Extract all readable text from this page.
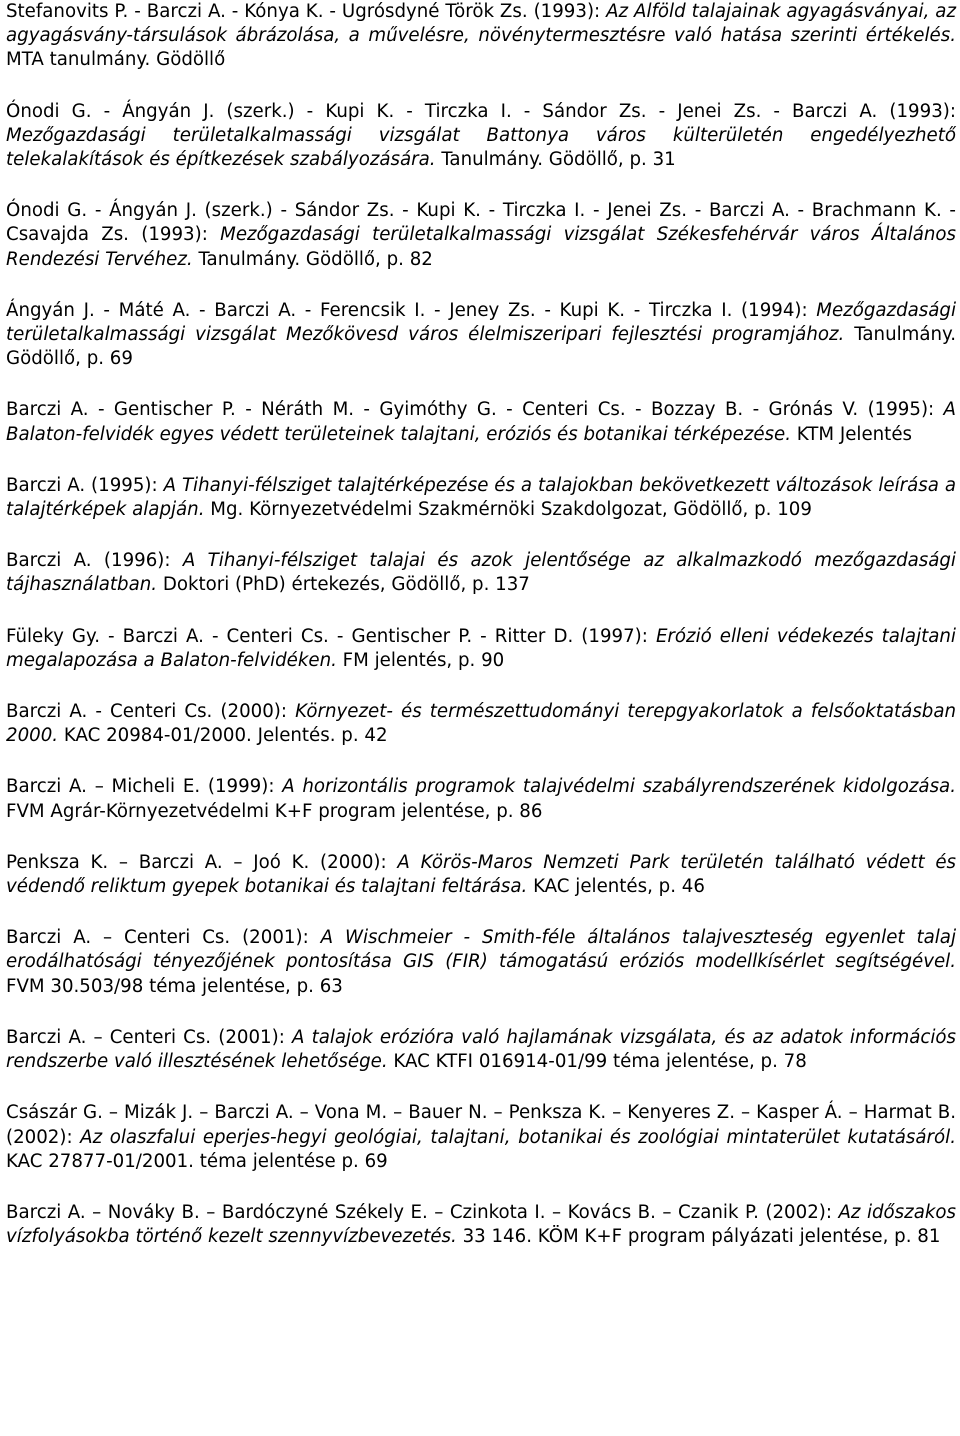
Stefanovits P. - Barczi A. - Kónya K. - Ugrósdyné Török Zs. (1993): Az Alföld talajainak agyagásványai, az agyagásvány-társulások ábrázolása, a művelésre, növénytermesztésre való hatása szerinti értékelés. MTA tanulmány. Gödöllő

Ónodi G. - Ángyán J. (szerk.) - Kupi K. - Tirczka I. - Sándor Zs. - Jenei Zs. - Barczi A. (1993): Mezőgazdasági területalkalmassági vizsgálat Battonya város külterületén engedélyezhető telekalakítások és építkezések szabályozására. Tanulmány. Gödöllő, p. 31

Ónodi G. - Ángyán J. (szerk.) - Sándor Zs. - Kupi K. - Tirczka I. - Jenei Zs. - Barczi A. - Brachmann K. - Csavajda Zs. (1993): Mezőgazdasági területalkalmassági vizsgálat Székesfehérvár város Általános Rendezési Tervéhez. Tanulmány. Gödöllő, p. 82

Ángyán J. - Máté A. - Barczi A. - Ferencsik I. - Jeney Zs. - Kupi K. - Tirczka I. (1994): Mezőgazdasági területalkalmassági vizsgálat Mezőkövesd város élelmiszeripari fejlesztési programjához. Tanulmány. Gödöllő, p. 69

Barczi A. - Gentischer P. - Néráth M. - Gyimóthy G. - Centeri Cs. - Bozzay B. - Grónás V. (1995): A Balaton-felvidék egyes védett területeinek talajtani, eróziós és botanikai térképezése. KTM Jelentés

Barczi A. (1995): A Tihanyi-félsziget talajtérképezése és a talajokban bekövetkezett változások leírása a talajtérképek alapján. Mg. Környezetvédelmi Szakmérnöki Szakdolgozat, Gödöllő, p. 109

Barczi A. (1996): A Tihanyi-félsziget talajai és azok jelentősége az alkalmazkodó mezőgazdasági tájhasználatban. Doktori (PhD) értekezés, Gödöllő, p. 137

Füleky Gy. - Barczi A. - Centeri Cs. - Gentischer P. - Ritter D. (1997): Erózió elleni védekezés talajtani megalapozása a Balaton-felvidéken. FM jelentés, p. 90

Barczi A. - Centeri Cs. (2000): Környezet- és természettudományi terepgyakorlatok a felsőoktatásban 2000. KAC 20984-01/2000. Jelentés. p. 42

Barczi A. – Micheli E. (1999): A horizontális programok talajvédelmi szabályrendszerének kidolgozása. FVM Agrár-Környezetvédelmi K+F program jelentése, p. 86

Penksza K. – Barczi A. – Joó K. (2000): A Körös-Maros Nemzeti Park területén található védett és védendő reliktum gyepek botanikai és talajtani feltárása. KAC jelentés, p. 46

Barczi A. – Centeri Cs. (2001): A Wischmeier - Smith-féle általános talajveszteség egyenlet talaj erodálhatósági tényezőjének pontosítása GIS (FIR) támogatású eróziós modellkísérlet segítségével. FVM 30.503/98 téma jelentése, p. 63

Barczi A. – Centeri Cs. (2001): A talajok erózióra való hajlamának vizsgálata, és az adatok információs rendszerbe való illesztésének lehetősége. KAC KTFI 016914-01/99 téma jelentése, p. 78

Császár G. – Mizák J. – Barczi A. – Vona M. – Bauer N. – Penksza K. – Kenyeres Z. – Kasper Á. – Harmat B. (2002): Az olaszfalui eperjes-hegyi geológiai, talajtani, botanikai és zoológiai mintaterület kutatásáról. KAC 27877-01/2001. téma jelentése p. 69

Barczi A. – Nováky B. – Bardóczyné Székely E. – Czinkota I. – Kovács B. – Czanik P. (2002): Az időszakos vízfolyásokba történő kezelt szennyvízbevezetés. 33 146. KÖM K+F program pályázati jelentése, p. 81
